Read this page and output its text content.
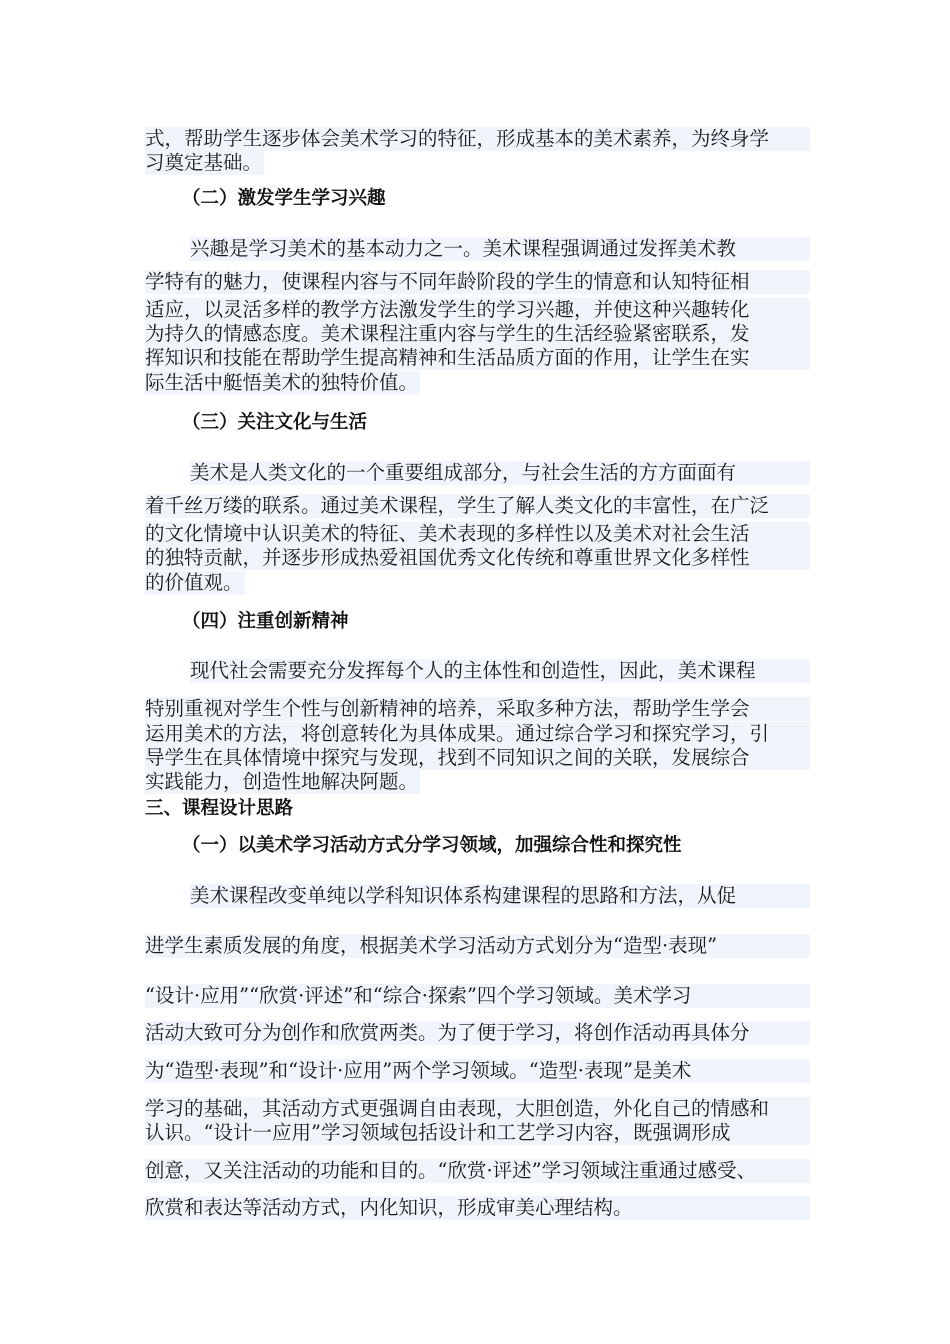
式，帮助学生逐步体会美术学习的特征，形成基本的美术素养，为终身学
习奠定基础。
（二）激发学生学习兴趣
兴趣是学习美术的基本动力之一。美术课程强调通过发挥美术教
学特有的魅力，使课程内容与不同年龄阶段的学生的情意和认知特征相
适应，以灵活多样的教学方法激发学生的学习兴趣，并使这种兴趣转化
为持久的情感态度。美术课程注重内容与学生的生活经验紧密联系，发
挥知识和技能在帮助学生提高精神和生活品质方面的作用，让学生在实
际生活中艇悟美术的独特价值。
（三）关注文化与生活
美术是人类文化的一个重要组成部分，与社会生活的方方面面有
着千丝万缕的联系。通过美术课程，学生了解人类文化的丰富性，在广泛
的文化情境中认识美术的特征、美术表现的多样性以及美术对社会生活
的独特贡献，并逐步形成热爱祖国优秀文化传统和尊重世界文化多样性
的价值观。
（四）注重创新精神
现代社会需要充分发挥每个人的主体性和创造性，因此，美术课程
特别重视对学生个性与创新精神的培养，采取多种方法，帮助学生学会
运用美术的方法，将创意转化为具体成果。通过综合学习和探究学习，引
导学生在具体情境中探究与发现，找到不同知识之间的关联，发展综合
实践能力，创造性地解决阿题。
三、课程设计思路
（一）以美术学习活动方式分学习领域，加强综合性和探究性
美术课程改变单纯以学科知识体系构建课程的思路和方法，从促
进学生素质发展的角度，根据美术学习活动方式划分为“造型·表现”
“设计·应用”“欣赏·评述”和“综合·探索”四个学习领域。美术学习
活动大致可分为创作和欣赏两类。为了便于学习，将创作活动再具体分
为“造型·表现”和“设计·应用”两个学习领域。“造型·表现”是美术
学习的基础，其活动方式更强调自由表现，大胆创造，外化自己的情感和
认识。“设计一应用”学习领域包括设计和工艺学习内容，既强调形成
创意，又关注活动的功能和目的。“欣赏·评述”学习领域注重通过感受、
欣赏和表达等活动方式，内化知识，形成审美心理结构。
